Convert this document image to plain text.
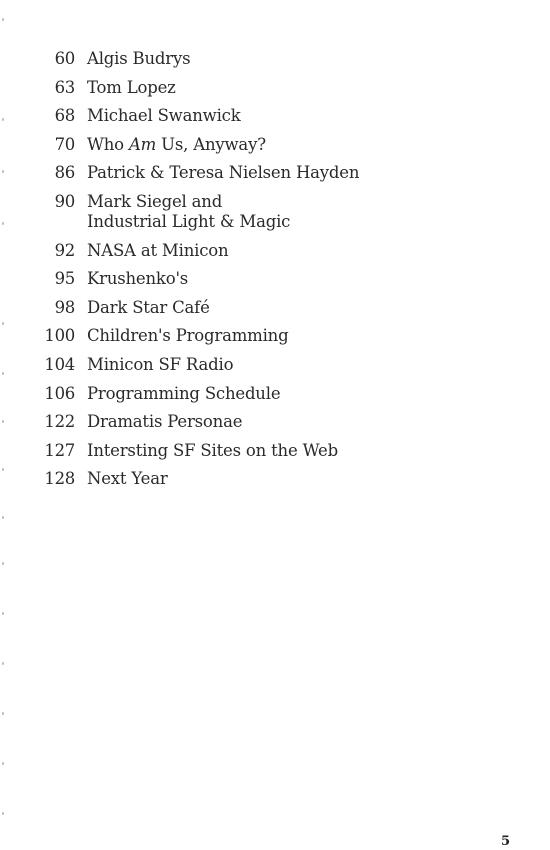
60 Algis Budrys
63 Tom Lopez
68 Michael Swanwick
70 Who Am Us, Anyway?
86 Patrick & Teresa Nielsen Hayden
90 Mark Siegel and
Industrial Light & Magic
92 NASA at Minicon
95 Krushenko's
98 Dark Star Café
100 Children's Programming
104 Minicon SF Radio
106 Programming Schedule
122 Dramatis Personae
127 Intersting SF Sites on the Web
128 Next Year
5
